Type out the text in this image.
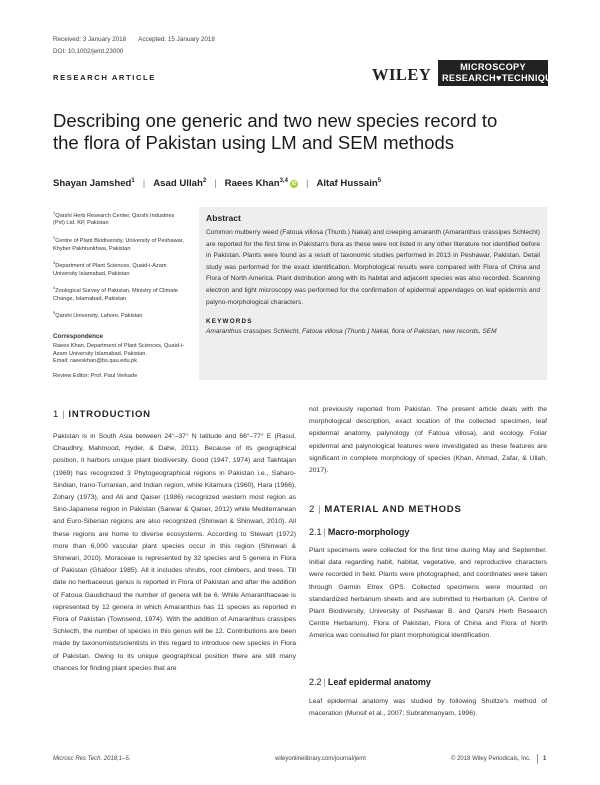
Received: 3 January 2018 Accepted: 15 January 2018
DOI: 10.1002/jemt.23000
RESEARCH ARTICLE	WILEY	MICROSCOPY
RESEARCH♥TECHNIQUE
Describing one generic and two new species record to the flora of Pakistan using LM and SEM methods
Shayan Jamshed$^1$ | Asad Ullah$^2$ | Raees Khan$^{3,4}$iD | Altaf Hussain$^5$
$^1$Qarshi Herb Research Center, Qarshi Industries (Pvt) Ltd. KP, Pakistan
$^2$Centre of Plant Biodiversity, University of Peshawar, Khyber Pakhtunkhwa, Pakistan
$^3$Department of Plant Sciences, Quaid-i-Azam University Islamabad, Pakistan
$^4$Zoological Survey of Pakistan, Ministry of Climate Change, Islamabad, Pakistan
$^5$Qarshi University, Lahore, Pakistan
Correspondence
Raees Khan, Department of Plant Sciences, Quaid-i-Azam University Islamabad, Pakistan.
Email: raeeskhan@bs.qau.edu.pk
Review Editor: Prof. Paul Verkade
Abstract

Common mulberry weed (Fatoua villosa (Thunb.) Nakai) and creeping amaranth (Amaranthus crassipes Schlecht) are reported for the first time in Pakistan's flora as these were not listed in any other literature nor identified before in Pakistan. Plants were found as a result of taxonomic studies performed in 2013 in Peshawar, Pakistan. Detail study was performed for the exact identification. Morphological results were compared with Flora of China and Flora of North America. Plant distribution along with its habitat and adjacent species was also recorded. Scanning electron and light microscopy was performed for the confirmation of epidermal appendages on leaf epidermis and palyno-morphological characters.

KEYWORDS
Amaranthus crassipes Schlecht, Fatoua villosa (Thunb.) Nakai, flora of Pakistan, new records, SEM
1 | INTRODUCTION

Pakistan is in South Asia between 24°–37° N latitude and 66°–77° E (Rasul, Chaudhry, Mahmood, Hyder, & Dahe, 2011). Because of its geographical position, it harbors unique plant biodiversity. Good (1947, 1974) and Takhtajan (1969) has recognized 3 Phytogeographical regions in Pakistan i.e., Saharo-Sindian, Irano-Turranian, and Indian region, while Kitamura (1960), Hara (1966), Zohary (1973), and Ali and Qaiser (1986) recognized western most region as Sino-Japanese region in Pakistan (Sarwar & Qaiser, 2012) while Mediterranean and Euro-Siberian regions are also recognized (Shinwari & Shinwari, 2010). All these regions are home to diverse ecosystems. According to Stewart (1972) more than 6,000 vascular plant species occur in this region (Shinwari & Shinwari, 2010). Moraceae is represented by 32 species and 5 genera in Flora of Pakistan (Ghafoor 1985). All it includes shrubs, root climbers, and trees. Till date no herbaceous genus is reported in Flora of Pakistan and after the addition of Fatoua Gaudichaud the number of genera will be 6. While Amaranthaceae is represented by 12 genera in which Amaranthus has 11 species as reported in Flora of Pakistan (Townsend, 1974). With the addition of Amaranthus crassipes Schlecth, the number of species in this genus will be 12. Contributions are been made by taxonomists/scientists in this regard to introduce new species in Flora of Pakistan. Owing to its unique geographical position there are still many chances for finding plant species that are

not previously reported from Pakistan. The present article deals with the morphological description, exact location of the collected specimen, leaf epidermal anatomy, palynology (of Fatoua villosa), and ecology. Foliar epidermal and palynological features were investigated as these features are significant in complete morphology of species (Khan, Ahmad, Zafar, & Ullah, 2017).

2 | MATERIAL AND METHODS
2.1 | Macro-morphology

Plant specimens were collected for the first time during May and September. Initial data regarding habit, habitat, vegetative, and reproductive characters were recorded in field. Plants were photographed, and coordinates were taken through Garmin Etrex GPS. Collected specimens were mounted on standardized herbarium sheets and are submitted to Herbarium (A. Centre of Plant Biodiversity, University of Peshawar B. and Qarshi Herb Research Centre Herbarium). Flora of Pakistan, Flora of China and Flora of North America was consulted for plant morphological identification.

2.2 | Leaf epidermal anatomy

Leaf epidermal anatomy was studied by following Shultze's method of maceration (Munsif et al., 2007; Subrahmanyam, 1996).

Microsc Res Tech. 2018;1–5.	wileyonlinelibrary.com/journal/jemt	© 2018 Wiley Periodicals, Inc. 1
